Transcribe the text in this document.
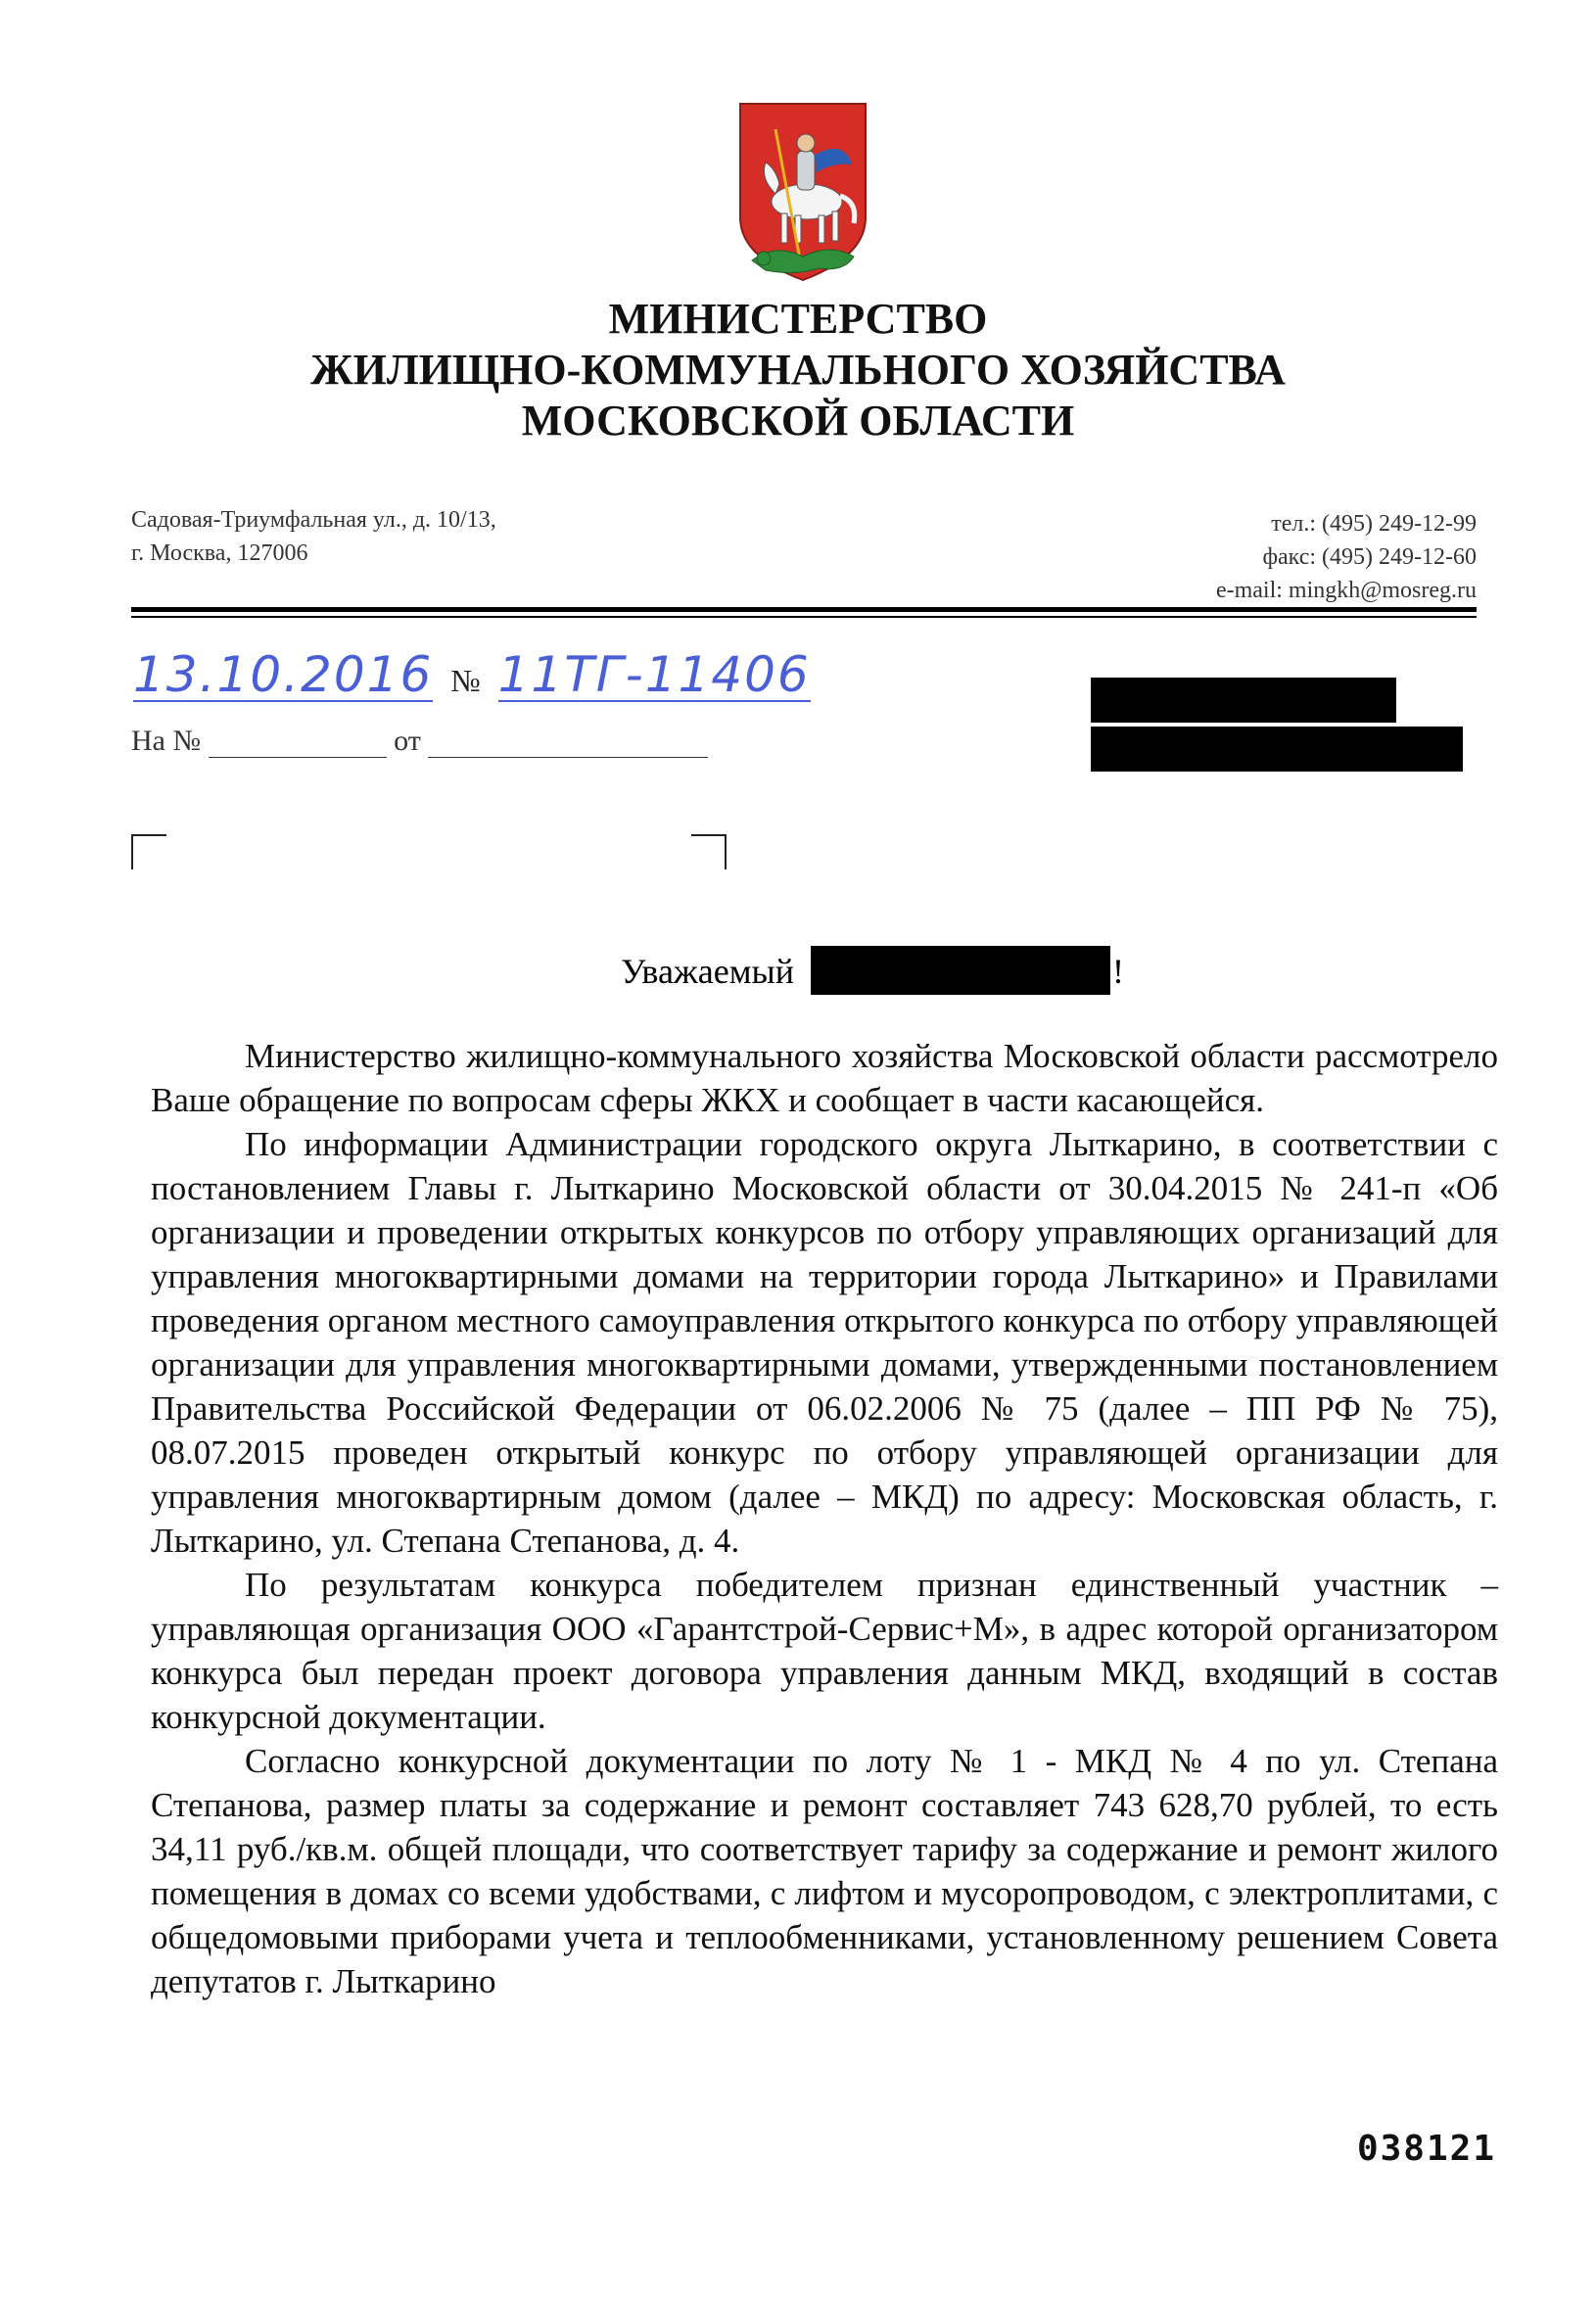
МИНИСТЕРСТВО
ЖИЛИЩНО-КОММУНАЛЬНОГО ХОЗЯЙСТВА
МОСКОВСКОЙ ОБЛАСТИ
Садовая-Триумфальная ул., д. 10/13,
г. Москва, 127006
тел.: (495) 249-12-99
факс: (495) 249-12-60
e-mail: mingkh@mosreg.ru
13.10.2016 № 11ТГ-11406
На №	от
Уважаемый	!

Министерство жилищно-коммунального хозяйства Московской области рассмотрело Ваше обращение по вопросам сферы ЖКХ и сообщает в части касающейся.

По информации Администрации городского округа Лыткарино, в соответствии с постановлением Главы г. Лыткарино Московской области от 30.04.2015 № 241-п «Об организации и проведении открытых конкурсов по отбору управляющих организаций для управления многоквартирными домами на территории города Лыткарино» и Правилами проведения органом местного самоуправления открытого конкурса по отбору управляющей организации для управления многоквартирными домами, утвержденными постановлением Правительства Российской Федерации от 06.02.2006 № 75 (далее – ПП РФ № 75), 08.07.2015 проведен открытый конкурс по отбору управляющей организации для управления многоквартирным домом (далее – МКД) по адресу: Московская область, г. Лыткарино, ул. Степана Степанова, д. 4.

По результатам конкурса победителем признан единственный участник – управляющая организация ООО «Гарантстрой-Сервис+М», в адрес которой организатором конкурса был передан проект договора управления данным МКД, входящий в состав конкурсной документации.

Согласно конкурсной документации по лоту № 1 - МКД № 4 по ул. Степана Степанова, размер платы за содержание и ремонт составляет 743 628,70 рублей, то есть 34,11 руб./кв.м. общей площади, что соответствует тарифу за содержание и ремонт жилого помещения в домах со всеми удобствами, с лифтом и мусоропроводом, с электроплитами, с общедомовыми приборами учета и теплообменниками, установленному решением Совета депутатов г. Лыткарино

038121
